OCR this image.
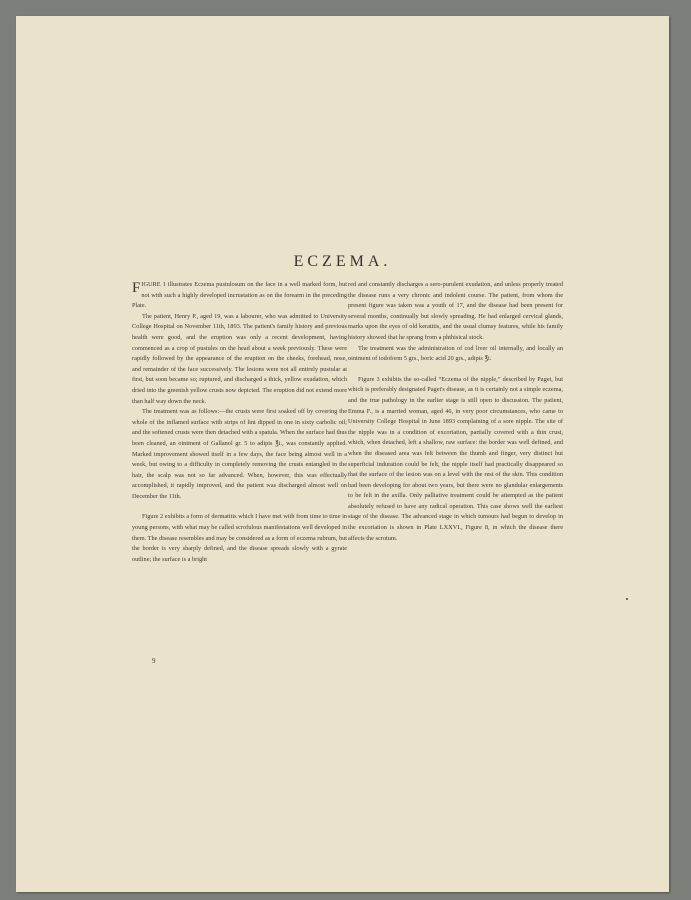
ECZEMA.

FIGURE 1 illustrates Eczema pustulosum on the face in a well marked form, but not with such a highly developed incrustation as on the forearm in the preceding Plate.

The patient, Henry P., aged 19, was a labourer, who was admitted to University College Hospital on November 11th, 1893. The patient's family history and previous health were good, and the eruption was only a recent development, having commenced as a crop of pustules on the head about a week previously. These were rapidly followed by the appearance of the eruption on the cheeks, forehead, nose, and remainder of the face successively. The lesions were not all entirely pustular at first, but soon became so; ruptured, and discharged a thick, yellow exudation, which dried into the greenish yellow crusts now depicted. The eruption did not extend more than half way down the neck.

The treatment was as follows:—the crusts were first soaked off by covering the whole of the inflamed surface with strips of lint dipped in one in sixty carbolic oil; and the softened crusts were then detached with a spatula. When the surface had thus been cleaned, an ointment of Gallanol gr. 5 to adipis ℥i., was constantly applied. Marked improvement showed itself in a few days, the face being almost well in a week, but owing to a difficulty in completely removing the crusts entangled in the hair, the scalp was not so far advanced. When, however, this was effectually accomplished, it rapidly improved, and the patient was discharged almost well on December the 11th.

Figure 2 exhibits a form of dermatitis which I have met with from time to time in young persons, with what may be called scrofulous manifestations well developed in them. The disease resembles and may be considered as a form of eczema rubrum, but the border is very sharply defined, and the disease spreads slowly with a gyrate outline; the surface is a bright

red and constantly discharges a sero-purulent exudation, and unless properly treated the disease runs a very chronic and indolent course. The patient, from whom the present figure was taken was a youth of 17, and the disease had been present for several months, continually but slowly spreading. He had enlarged cervical glands, marks upon the eyes of old keratitis, and the usual clumsy features, while his family history showed that he sprang from a phthisical stock.

The treatment was the administration of cod liver oil internally, and locally an ointment of iodoform 5 grs., boric acid 20 grs., adipis ℥i.

Figure 3 exhibits the so-called “Eczema of the nipple,” described by Paget, but which is preferably designated Paget's disease, as it is certainly not a simple eczema, and the true pathology in the earlier stage is still open to discussion. The patient, Emma F., is a married woman, aged 46, in very poor circumstances, who came to University College Hospital in June 1893 complaining of a sore nipple. The site of the nipple was in a condition of excoriation, partially covered with a thin crust, which, when detached, left a shallow, raw surface: the border was well defined, and when the diseased area was felt between the thumb and finger, very distinct but superficial induration could be felt, the nipple itself had practically disappeared so that the surface of the lesion was on a level with the rest of the skin. This condition had been developing for about two years, but there were no glandular enlargements to be felt in the axilla. Only palliative treatment could be attempted as the patient absolutely refused to have any radical operation. This case shows well the earliest stage of the disease. The advanced stage in which tumours had begun to develop in the excoriation is shown in Plate LXXVI., Figure 8, in which the disease there affects the scrotum.

9
